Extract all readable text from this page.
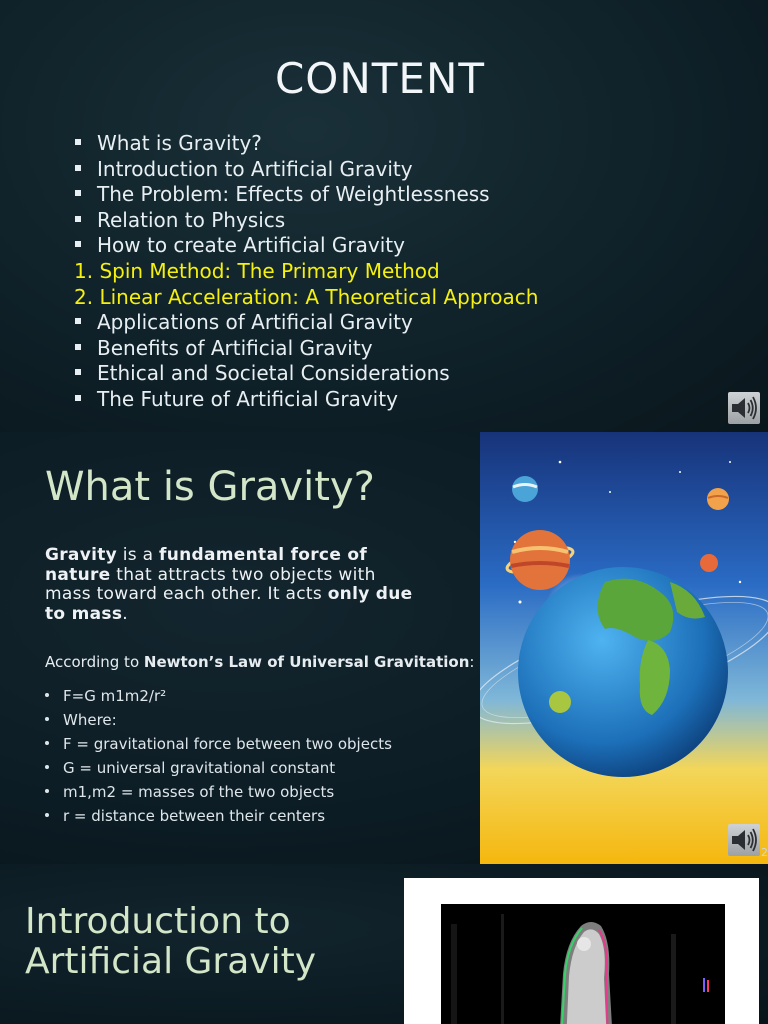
CONTENT
What is Gravity?
Introduction to Artificial Gravity
The Problem: Effects of Weightlessness
Relation to Physics
How to create Artificial Gravity
1. Spin Method: The Primary Method
2. Linear Acceleration: A Theoretical Approach
Applications of Artificial Gravity
Benefits of Artificial Gravity
Ethical and Societal Considerations
The Future of Artificial Gravity
What is Gravity?
Gravity is a fundamental force of nature that attracts two objects with mass toward each other. It acts only due to mass.
According to Newton’s Law of Universal Gravitation:
F=G m1m2/r²
Where:
F = gravitational force between two objects
G = universal gravitational constant
m1,m2 = masses of the two objects
r = distance between their centers
2
Introduction to
Artificial Gravity
